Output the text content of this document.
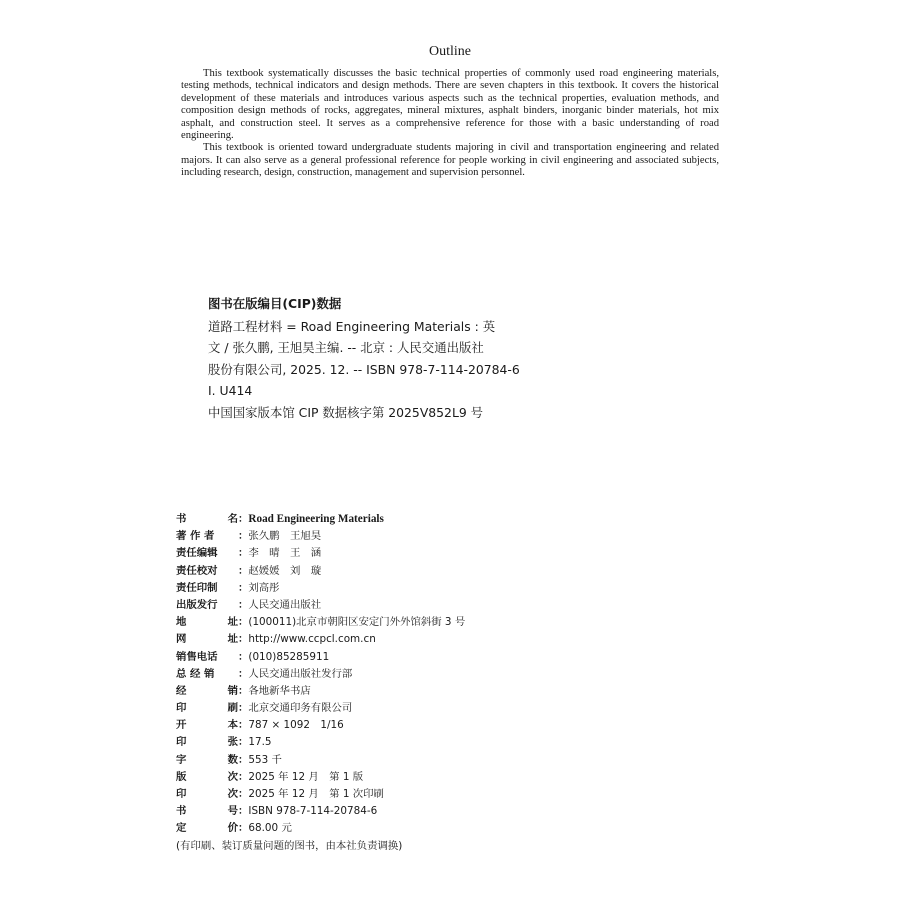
Outline

This textbook systematically discusses the basic technical properties of commonly used road engineering materials, testing methods, technical indicators and design methods. There are seven chapters in this textbook. It covers the historical development of these materials and introduces various aspects such as the technical properties, evaluation methods, and composition design methods of rocks, aggregates, mineral mixtures, asphalt binders, inorganic binder materials, hot mix asphalt, and construction steel. It serves as a comprehensive reference for those with a basic understanding of road engineering.

This textbook is oriented toward undergraduate students majoring in civil and transportation engineering and related majors. It can also serve as a general professional reference for people working in civil engineering and associated subjects, including research, design, construction, management and supervision personnel.

图书在版编目(CIP)数据
道路工程材料 = Road Engineering Materials : 英
文 / 张久鹏, 王旭昊主编. -- 北京 : 人民交通出版社
股份有限公司, 2025. 12. -- ISBN 978-7-114-20784-6
Ⅰ. U414
中国国家版本馆 CIP 数据核字第 2025V852L9 号
书	名 ： Road Engineering Materials
著 作 者 ： 张久鹏　王旭昊
责任编辑 ： 李　晴　王　涵
责任校对 ： 赵媛媛　刘　璇
责任印制 ： 刘高彤
出版发行 ： 人民交通出版社
地	址 ： (100011)北京市朝阳区安定门外外馆斜街 3 号
网	址 ： http://www.ccpcl.com.cn
销售电话 ： (010)85285911
总 经 销 ： 人民交通出版社发行部
经	销 ： 各地新华书店
印	刷 ： 北京交通印务有限公司
开	本 ： 787 × 1092　1/16
印	张 ： 17.5
字	数 ： 553 千
版	次 ： 2025 年 12 月　第 1 版
印	次 ： 2025 年 12 月　第 1 次印刷
书	号 ： ISBN 978-7-114-20784-6
定	价 ： 68.00 元
(有印刷、装订质量问题的图书，由本社负责调换)
